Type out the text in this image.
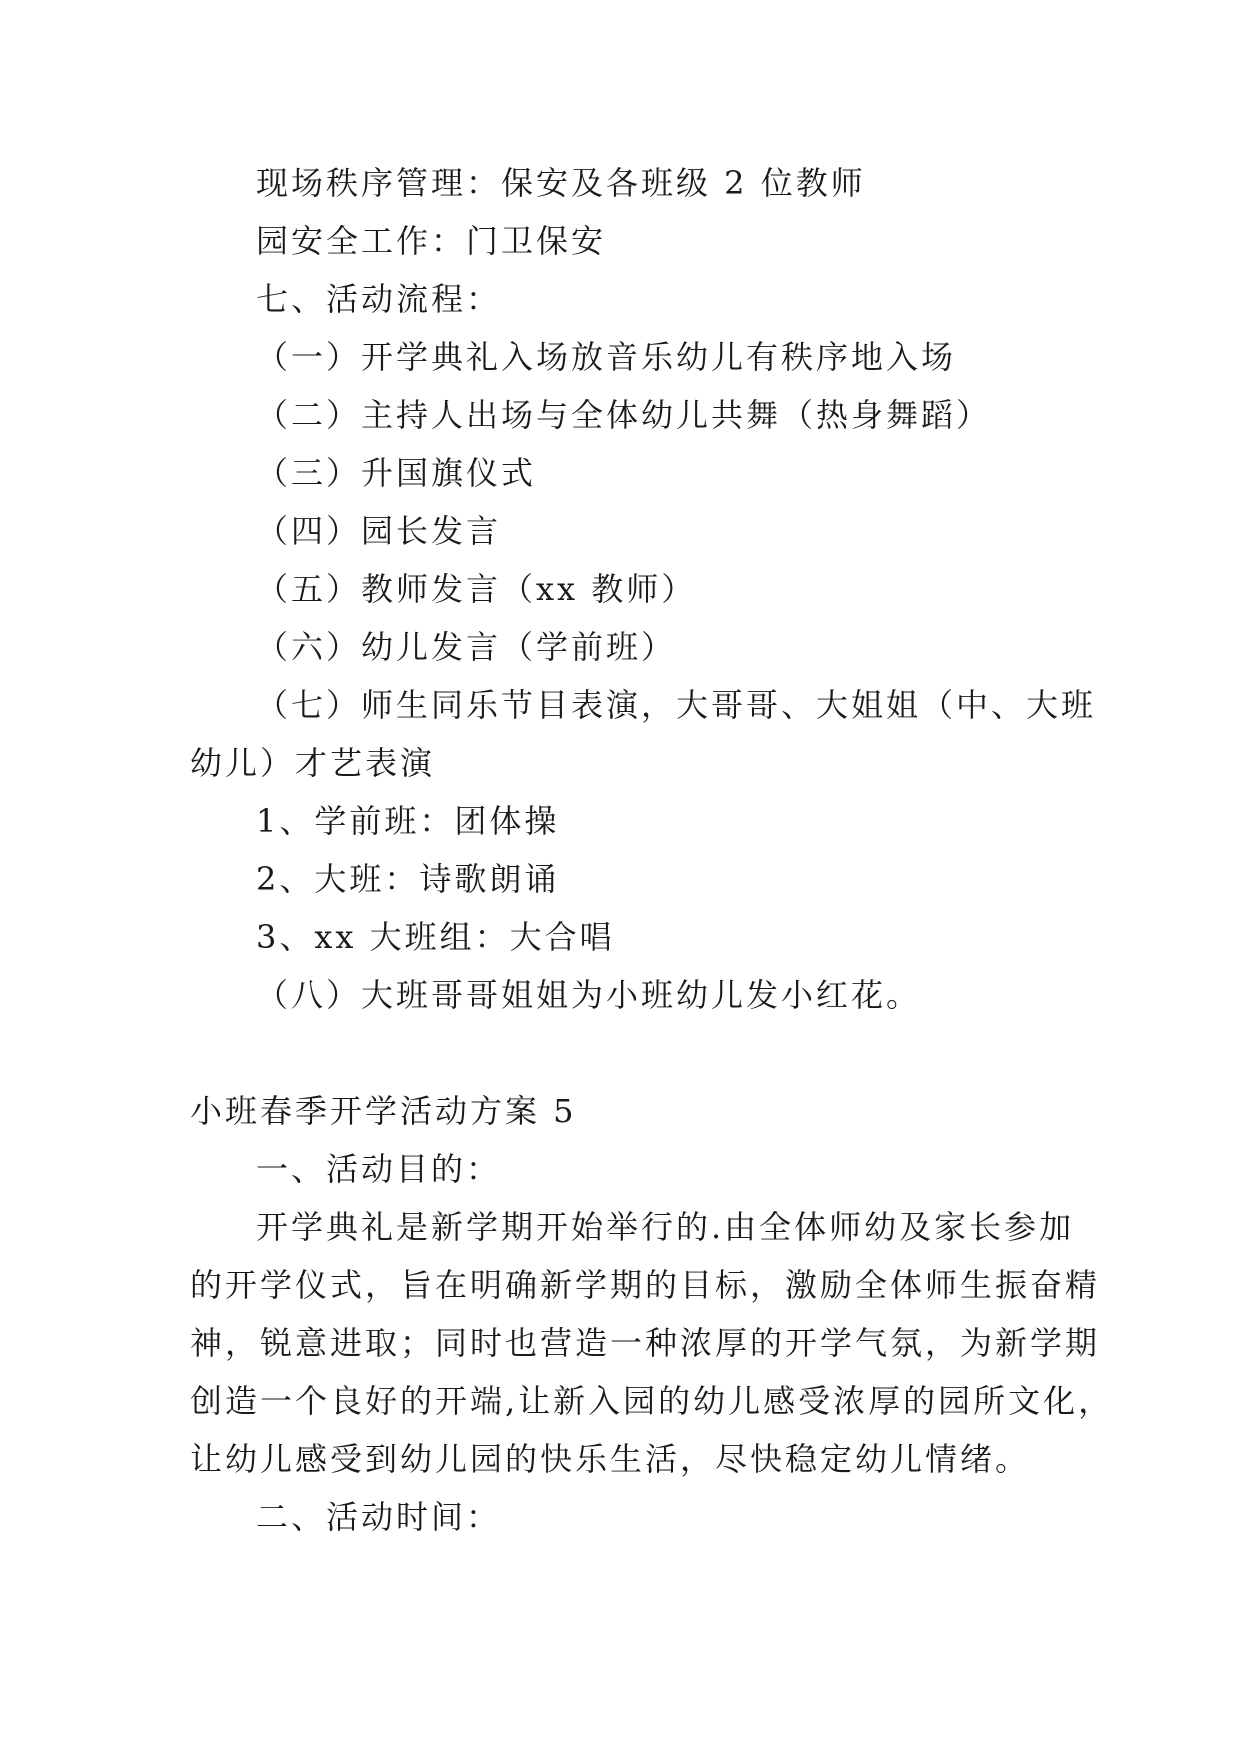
现场秩序管理：保安及各班级 2 位教师
园安全工作：门卫保安
七、活动流程：
（一）开学典礼入场放音乐幼儿有秩序地入场
（二）主持人出场与全体幼儿共舞（热身舞蹈）
（三）升国旗仪式
（四）园长发言
（五）教师发言（xx 教师）
（六）幼儿发言（学前班）
（七）师生同乐节目表演，大哥哥、大姐姐（中、大班
幼儿）才艺表演
1、学前班：团体操
2、大班：诗歌朗诵
3、xx 大班组：大合唱
（八）大班哥哥姐姐为小班幼儿发小红花。
小班春季开学活动方案 5
一、活动目的：
开学典礼是新学期开始举行的.由全体师幼及家长参加
的开学仪式，旨在明确新学期的目标，激励全体师生振奋精
神，锐意进取；同时也营造一种浓厚的开学气氛，为新学期
创造一个良好的开端,让新入园的幼儿感受浓厚的园所文化，
让幼儿感受到幼儿园的快乐生活，尽快稳定幼儿情绪。
二、活动时间：
